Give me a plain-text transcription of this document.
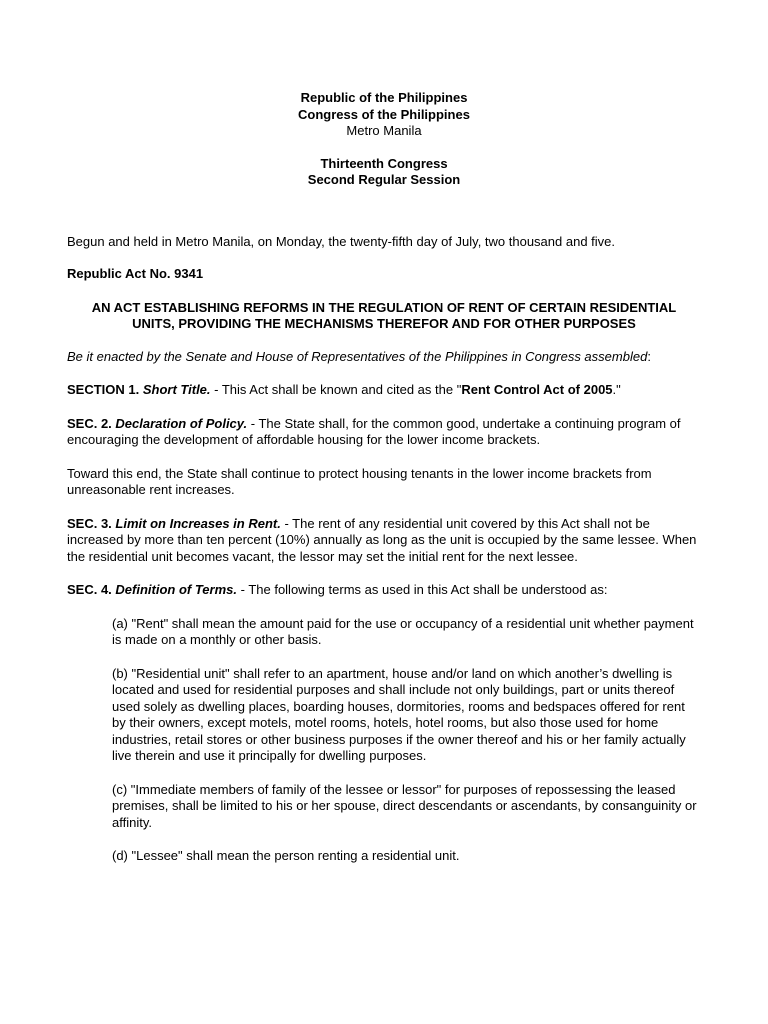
Republic of the Philippines
Congress of the Philippines
Metro Manila
Thirteenth Congress
Second Regular Session

Begun and held in Metro Manila, on Monday, the twenty-fifth day of July, two thousand and five.

Republic Act No. 9341

AN ACT ESTABLISHING REFORMS IN THE REGULATION OF RENT OF CERTAIN RESIDENTIAL UNITS, PROVIDING THE MECHANISMS THEREFOR AND FOR OTHER PURPOSES

Be it enacted by the Senate and House of Representatives of the Philippines in Congress assembled:

SECTION 1. Short Title. - This Act shall be known and cited as the "Rent Control Act of 2005."

SEC. 2. Declaration of Policy. - The State shall, for the common good, undertake a continuing program of encouraging the development of affordable housing for the lower income brackets.

Toward this end, the State shall continue to protect housing tenants in the lower income brackets from unreasonable rent increases.

SEC. 3. Limit on Increases in Rent. - The rent of any residential unit covered by this Act shall not be increased by more than ten percent (10%) annually as long as the unit is occupied by the same lessee. When the residential unit becomes vacant, the lessor may set the initial rent for the next lessee.

SEC. 4. Definition of Terms. - The following terms as used in this Act shall be understood as:

(a) "Rent" shall mean the amount paid for the use or occupancy of a residential unit whether payment is made on a monthly or other basis.

(b) "Residential unit" shall refer to an apartment, house and/or land on which another’s dwelling is located and used for residential purposes and shall include not only buildings, part or units thereof used solely as dwelling places, boarding houses, dormitories, rooms and bedspaces offered for rent by their owners, except motels, motel rooms, hotels, hotel rooms, but also those used for home industries, retail stores or other business purposes if the owner thereof and his or her family actually live therein and use it principally for dwelling purposes.

(c) "Immediate members of family of the lessee or lessor" for purposes of repossessing the leased premises, shall be limited to his or her spouse, direct descendants or ascendants, by consanguinity or affinity.

(d) "Lessee" shall mean the person renting a residential unit.
